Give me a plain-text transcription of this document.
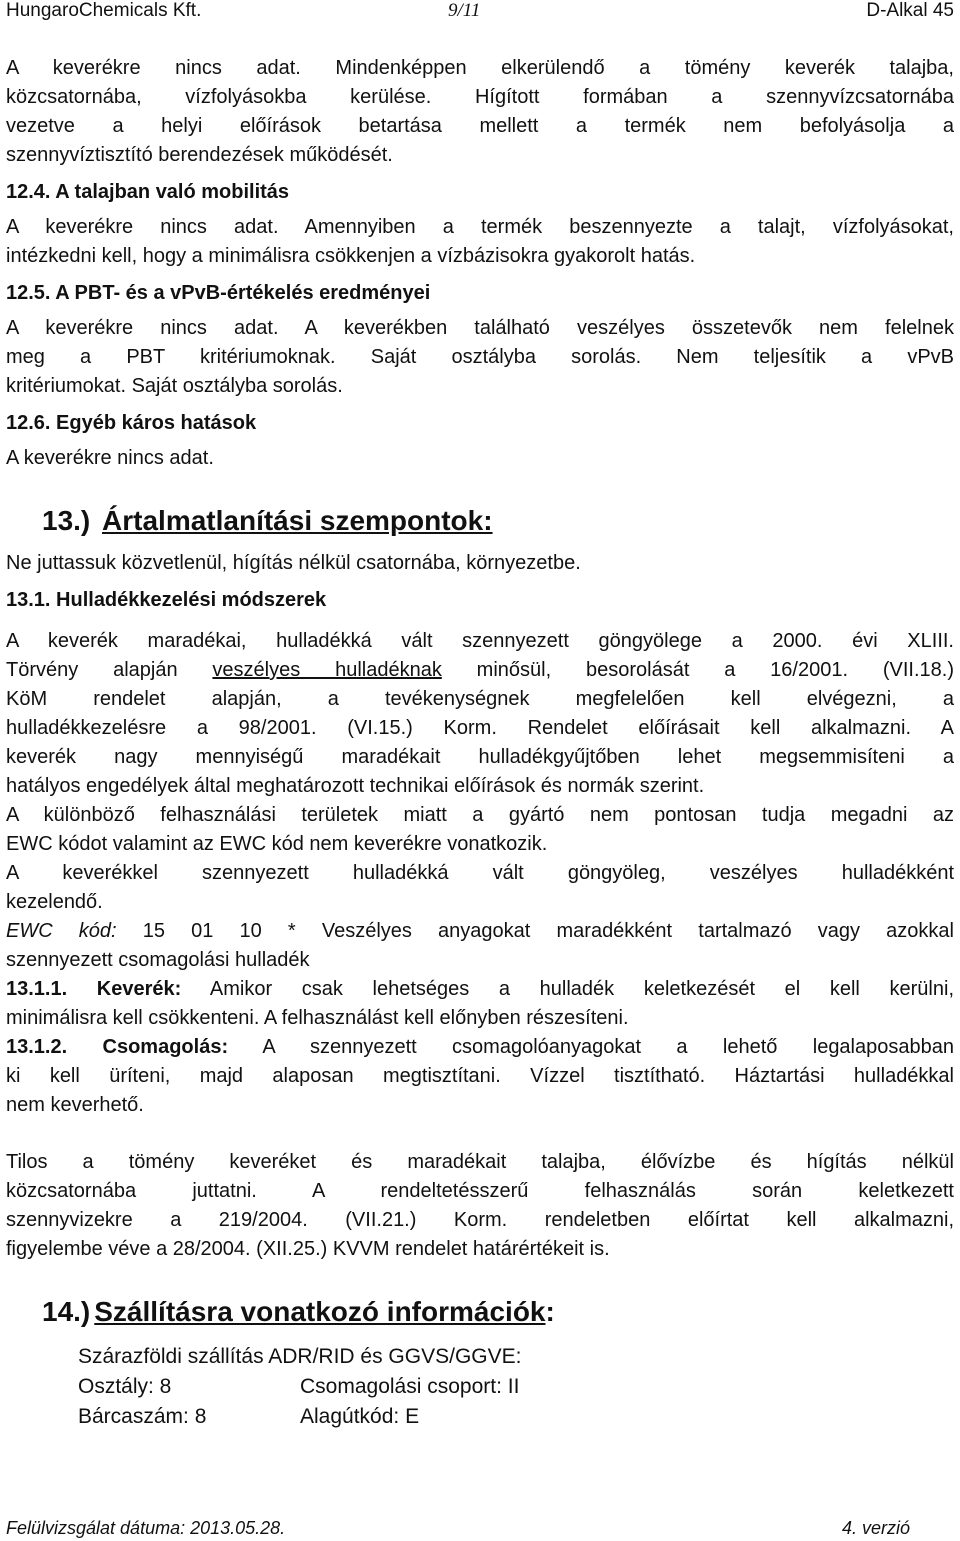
HungaroChemicals Kft.	9/11	D-Alkal 45

A keverékre nincs adat. Mindenképpen elkerülendő a tömény keverék talajba,

közcsatornába, vízfolyásokba kerülése. Hígított formában a szennyvízcsatornába

vezetve a helyi előírások betartása mellett a termék nem befolyásolja a

szennyvíztisztító berendezések működését.

12.4. A talajban való mobilitás

A keverékre nincs adat. Amennyiben a termék beszennyezte a talajt, vízfolyásokat,

intézkedni kell, hogy a minimálisra csökkenjen a vízbázisokra gyakorolt hatás.

12.5. A PBT- és a vPvB-értékelés eredményei

A keverékre nincs adat. A keverékben található veszélyes összetevők nem felelnek

meg a PBT kritériumoknak. Saját osztályba sorolás. Nem teljesítik a vPvB

kritériumokat. Saját osztályba sorolás.

12.6. Egyéb káros hatások

A keverékre nincs adat.

13.) Ártalmatlanítási szempontok:

Ne juttassuk közvetlenül, hígítás nélkül csatornába, környezetbe.

13.1. Hulladékkezelési módszerek

A keverék maradékai, hulladékká vált szennyezett göngyölege a 2000. évi XLIII.

Törvény alapján veszélyes hulladéknak minősül, besorolását a 16/2001. (VII.18.)

KöM rendelet alapján, a tevékenységnek megfelelően kell elvégezni, a

hulladékkezelésre a 98/2001. (VI.15.) Korm. Rendelet előírásait kell alkalmazni. A

keverék nagy mennyiségű maradékait hulladékgyűjtőben lehet megsemmisíteni a

hatályos engedélyek által meghatározott technikai előírások és normák szerint.

A különböző felhasználási területek miatt a gyártó nem pontosan tudja megadni az

EWC kódot valamint az EWC kód nem keverékre vonatkozik.

A keverékkel szennyezett hulladékká vált göngyöleg, veszélyes hulladékként

kezelendő.

EWC kód: 15 01 10 * Veszélyes anyagokat maradékként tartalmazó vagy azokkal

szennyezett csomagolási hulladék

13.1.1. Keverék: Amikor csak lehetséges a hulladék keletkezését el kell kerülni,

minimálisra kell csökkenteni. A felhasználást kell előnyben részesíteni.

13.1.2. Csomagolás: A szennyezett csomagolóanyagokat a lehető legalaposabban

ki kell üríteni, majd alaposan megtisztítani. Vízzel tisztítható. Háztartási hulladékkal

nem keverhető.

Tilos a tömény keveréket és maradékait talajba, élővízbe és hígítás nélkül

közcsatornába juttatni. A rendeltetésszerű felhasználás során keletkezett

szennyvizekre a 219/2004. (VII.21.) Korm. rendeletben előírtat kell alkalmazni,

figyelembe véve a 28/2004. (XII.25.) KVVM rendelet határértékeit is.

14.) Szállításra vonatkozó információk:
Szárazföldi szállítás ADR/RID és GGVS/GGVE:
Osztály: 8	Csomagolási csoport: II
Bárcaszám: 8	Alagútkód: E
Felülvizsgálat dátuma: 2013.05.28.	4. verzió
